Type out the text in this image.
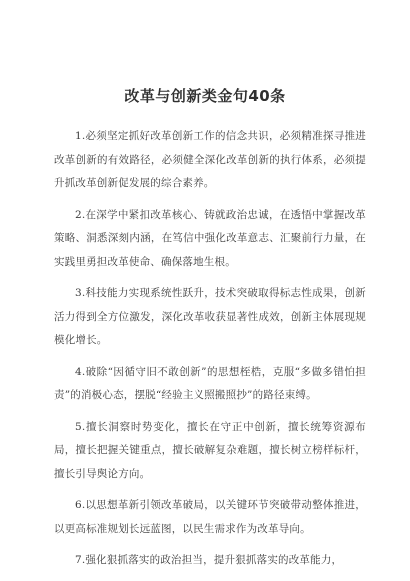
改革与创新类金句40条

1.必须坚定抓好改革创新工作的信念共识，必须精准探寻推进改革创新的有效路径，必须健全深化改革创新的执行体系，必须提升抓改革创新促发展的综合素养。

2.在深学中紧扣改革核心、铸就政治忠诚，在透悟中掌握改革策略、洞悉深刻内涵，在笃信中强化改革意志、汇聚前行力量，在实践里勇担改革使命、确保落地生根。

3.科技能力实现系统性跃升，技术突破取得标志性成果，创新活力得到全方位激发，深化改革收获显著性成效，创新主体展现规模化增长。

4.破除“因循守旧不敢创新”的思想桎梏，克服“多做多错怕担责”的消极心态，摆脱“经验主义照搬照抄”的路径束缚。

5.擅长洞察时势变化，擅长在守正中创新，擅长统筹资源布局，擅长把握关键重点，擅长破解复杂难题，擅长树立榜样标杆，擅长引导舆论方向。

6.以思想革新引领改革破局，以关键环节突破带动整体推进，以更高标准规划长远蓝图，以民生需求作为改革导向。

7.强化狠抓落实的政治担当，提升狠抓落实的改革能力，
